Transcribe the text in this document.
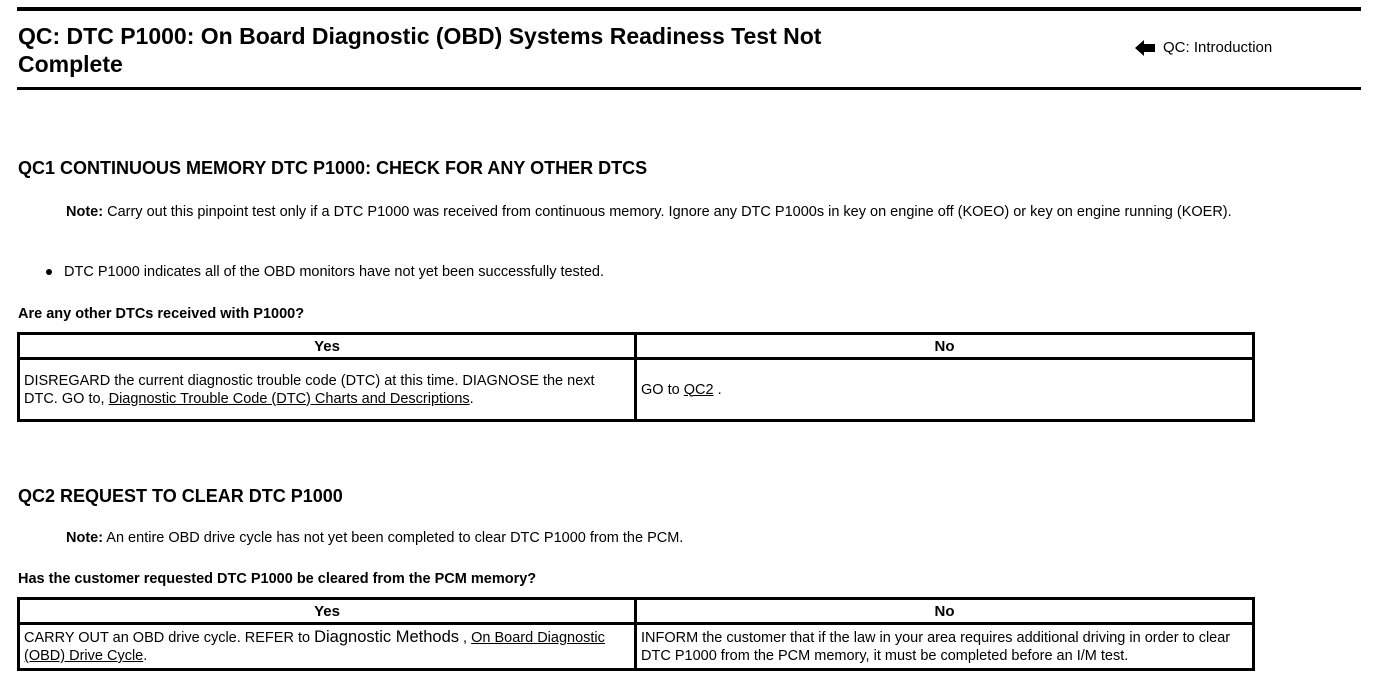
QC: DTC P1000: On Board Diagnostic (OBD) Systems Readiness Test Not Complete
QC: Introduction
QC1 CONTINUOUS MEMORY DTC P1000: CHECK FOR ANY OTHER DTCS
Note: Carry out this pinpoint test only if a DTC P1000 was received from continuous memory. Ignore any DTC P1000s in key on engine off (KOEO) or key on engine running (KOER).
DTC P1000 indicates all of the OBD monitors have not yet been successfully tested.
Are any other DTCs received with P1000?
Yes	No
DISREGARD the current diagnostic trouble code (DTC) at this time. DIAGNOSE the next DTC. GO to, Diagnostic Trouble Code (DTC) Charts and Descriptions.	GO to QC2 .
QC2 REQUEST TO CLEAR DTC P1000
Note: An entire OBD drive cycle has not yet been completed to clear DTC P1000 from the PCM.
Has the customer requested DTC P1000 be cleared from the PCM memory?
Yes	No
CARRY OUT an OBD drive cycle. REFER to Diagnostic Methods , On Board Diagnostic (OBD) Drive Cycle.	INFORM the customer that if the law in your area requires additional driving in order to clear DTC P1000 from the PCM memory, it must be completed before an I/M test.
